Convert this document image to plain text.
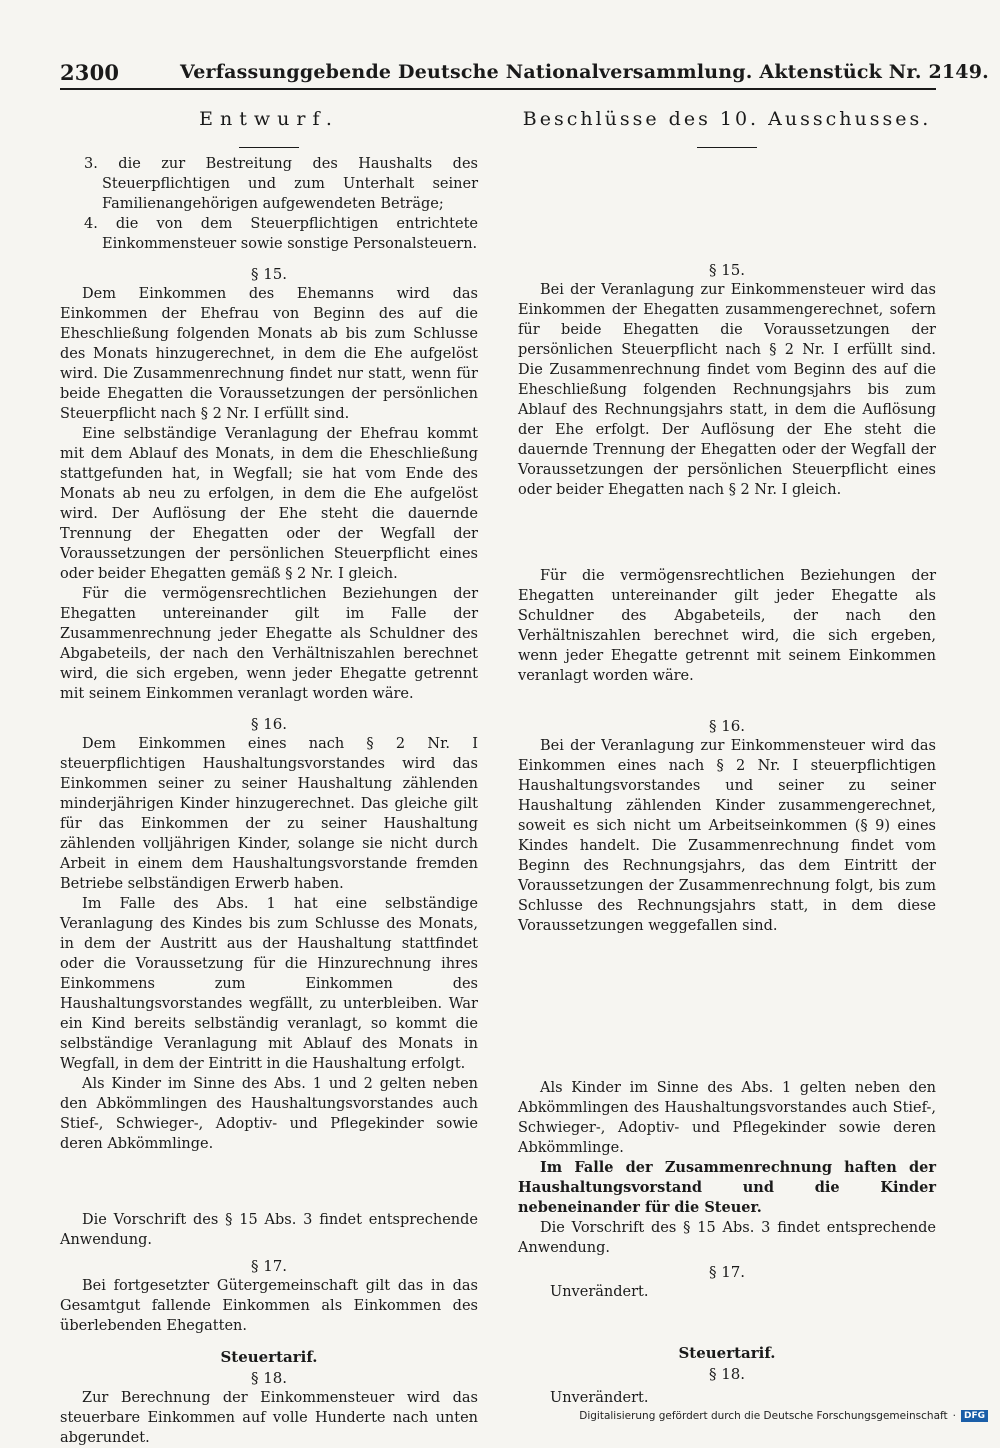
2300	Verfassunggebende Deutsche Nationalversammlung. Aktenstück Nr. 2149.
Entwurf.
3. die zur Bestreitung des Haushalts des Steuerpflichtigen und zum Unterhalt seiner Familienangehörigen aufgewendeten Beträge;
4. die von dem Steuerpflichtigen entrichtete Einkommensteuer sowie sonstige Personalsteuern.
§ 15.

Dem Einkommen des Ehemanns wird das Einkommen der Ehefrau von Beginn des auf die Eheschließung folgenden Monats ab bis zum Schlusse des Monats hinzugerechnet, in dem die Ehe aufgelöst wird. Die Zusammenrechnung findet nur statt, wenn für beide Ehegatten die Voraussetzungen der persönlichen Steuerpflicht nach § 2 Nr. I erfüllt sind.

Eine selbständige Veranlagung der Ehefrau kommt mit dem Ablauf des Monats, in dem die Eheschließung stattgefunden hat, in Wegfall; sie hat vom Ende des Monats ab neu zu erfolgen, in dem die Ehe aufgelöst wird. Der Auflösung der Ehe steht die dauernde Trennung der Ehegatten oder der Wegfall der Voraussetzungen der persönlichen Steuerpflicht eines oder beider Ehegatten gemäß § 2 Nr. I gleich.

Für die vermögensrechtlichen Beziehungen der Ehegatten untereinander gilt im Falle der Zusammenrechnung jeder Ehegatte als Schuldner des Abgabeteils, der nach den Verhältniszahlen berechnet wird, die sich ergeben, wenn jeder Ehegatte getrennt mit seinem Einkommen veranlagt worden wäre.

§ 16.

Dem Einkommen eines nach § 2 Nr. I steuerpflichtigen Haushaltungsvorstandes wird das Einkommen seiner zu seiner Haushaltung zählenden minderjährigen Kinder hinzugerechnet. Das gleiche gilt für das Einkommen der zu seiner Haushaltung zählenden volljährigen Kinder, solange sie nicht durch Arbeit in einem dem Haushaltungsvorstande fremden Betriebe selbständigen Erwerb haben.

Im Falle des Abs. 1 hat eine selbständige Veranlagung des Kindes bis zum Schlusse des Monats, in dem der Austritt aus der Haushaltung stattfindet oder die Voraussetzung für die Hinzurechnung ihres Einkommens zum Einkommen des Haushaltungsvorstandes wegfällt, zu unterbleiben. War ein Kind bereits selbständig veranlagt, so kommt die selbständige Veranlagung mit Ablauf des Monats in Wegfall, in dem der Eintritt in die Haushaltung erfolgt.

Als Kinder im Sinne des Abs. 1 und 2 gelten neben den Abkömmlingen des Haushaltungsvorstandes auch Stief-, Schwieger-, Adoptiv- und Pflegekinder sowie deren Abkömmlinge.

Die Vorschrift des § 15 Abs. 3 findet entsprechende Anwendung.

§ 17.

Bei fortgesetzter Gütergemeinschaft gilt das in das Gesamtgut fallende Einkommen als Einkommen des überlebenden Ehegatten.

Steuertarif.
§ 18.

Zur Berechnung der Einkommensteuer wird das steuerbare Einkommen auf volle Hunderte nach unten abgerundet.

Beschlüsse des 10. Ausschusses.
§ 15.

Bei der Veranlagung zur Einkommensteuer wird das Einkommen der Ehegatten zusammengerechnet, sofern für beide Ehegatten die Voraussetzungen der persönlichen Steuerpflicht nach § 2 Nr. I erfüllt sind. Die Zusammenrechnung findet vom Beginn des auf die Eheschließung folgenden Rechnungsjahrs bis zum Ablauf des Rechnungsjahrs statt, in dem die Auflösung der Ehe erfolgt. Der Auflösung der Ehe steht die dauernde Trennung der Ehegatten oder der Wegfall der Voraussetzungen der persönlichen Steuerpflicht eines oder beider Ehegatten nach § 2 Nr. I gleich.

Für die vermögensrechtlichen Beziehungen der Ehegatten untereinander gilt jeder Ehegatte als Schuldner des Abgabeteils, der nach den Verhältniszahlen berechnet wird, die sich ergeben, wenn jeder Ehegatte getrennt mit seinem Einkommen veranlagt worden wäre.

§ 16.

Bei der Veranlagung zur Einkommensteuer wird das Einkommen eines nach § 2 Nr. I steuerpflichtigen Haushaltungsvorstandes und seiner zu seiner Haushaltung zählenden Kinder zusammengerechnet, soweit es sich nicht um Arbeitseinkommen (§ 9) eines Kindes handelt. Die Zusammenrechnung findet vom Beginn des Rechnungsjahrs, das dem Eintritt der Voraussetzungen der Zusammenrechnung folgt, bis zum Schlusse des Rechnungsjahrs statt, in dem diese Voraussetzungen weggefallen sind.

Als Kinder im Sinne des Abs. 1 gelten neben den Abkömmlingen des Haushaltungsvorstandes auch Stief-, Schwieger-, Adoptiv- und Pflegekinder sowie deren Abkömmlinge.

Im Falle der Zusammenrechnung haften der Haushaltungsvorstand und die Kinder nebeneinander für die Steuer.

Die Vorschrift des § 15 Abs. 3 findet entsprechende Anwendung.

§ 17.
Unverändert.
Steuertarif.
§ 18.
Unverändert.
Digitalisierung gefördert durch die Deutsche Forschungsgemeinschaft · DFG
